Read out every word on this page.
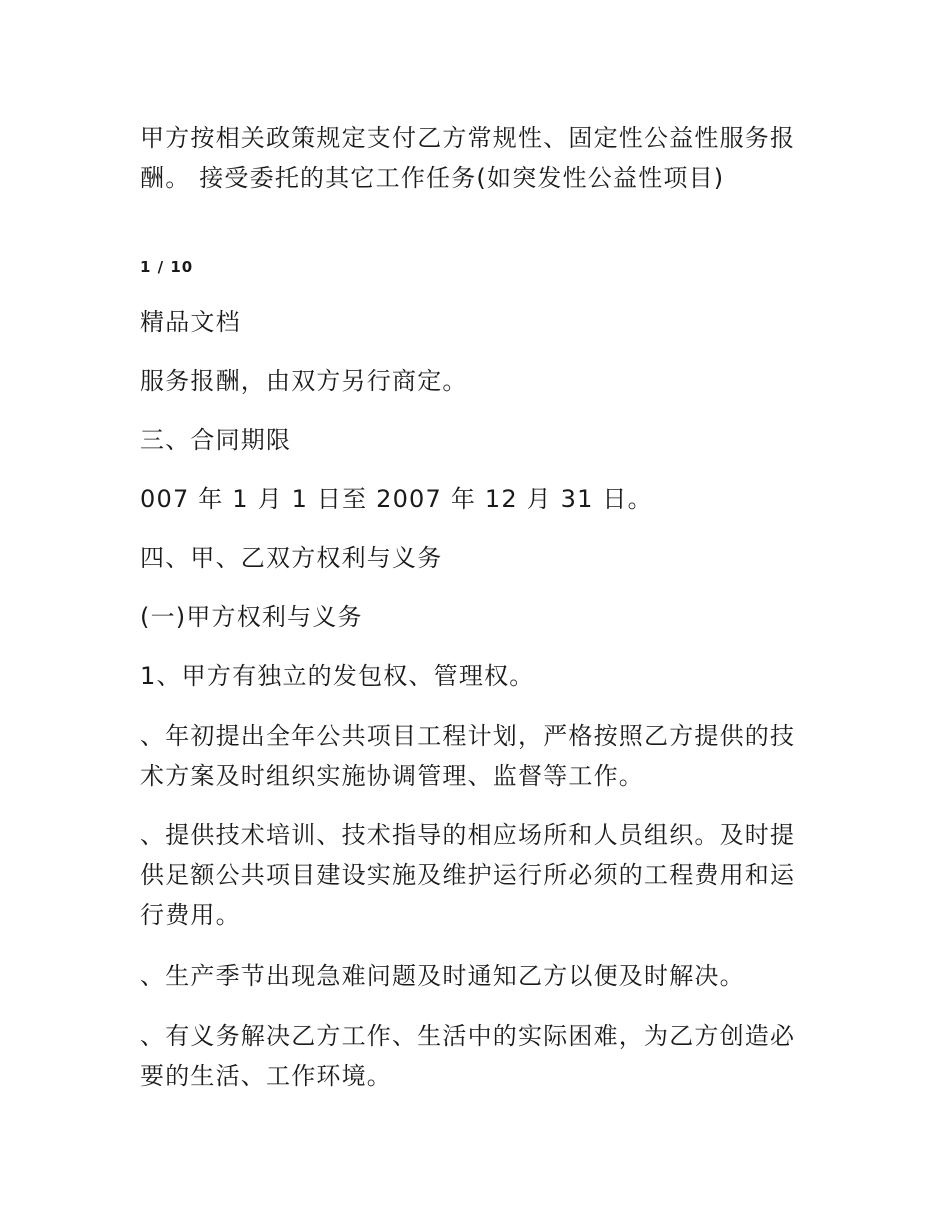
甲方按相关政策规定支付乙方常规性、固定性公益性服务报酬。 接受委托的其它工作任务(如突发性公益性项目)

1 / 10

精品文档

服务报酬，由双方另行商定。

三、合同期限

007 年 1 月 1 日至 2007 年 12 月 31 日。

四、甲、乙双方权利与义务

(一)甲方权利与义务

1、甲方有独立的发包权、管理权。

、年初提出全年公共项目工程计划，严格按照乙方提供的技术方案及时组织实施协调管理、监督等工作。

、提供技术培训、技术指导的相应场所和人员组织。及时提供足额公共项目建设实施及维护运行所必须的工程费用和运行费用。

、生产季节出现急难问题及时通知乙方以便及时解决。

、有义务解决乙方工作、生活中的实际困难，为乙方创造必要的生活、工作环境。
